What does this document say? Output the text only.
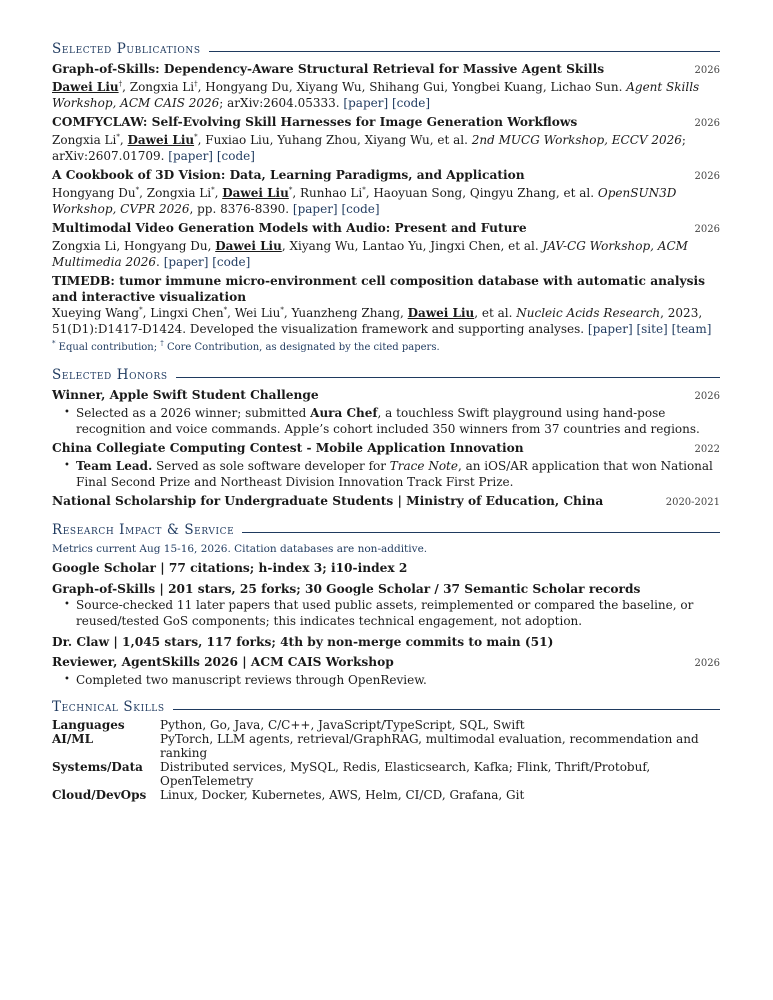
Selected Publications
Graph-of-Skills: Dependency-Aware Structural Retrieval for Massive Agent Skills	2026
Dawei Liu†, Zongxia Li†, Hongyang Du, Xiyang Wu, Shihang Gui, Yongbei Kuang, Lichao Sun. Agent Skills Workshop, ACM CAIS 2026; arXiv:2604.05333. [paper] [code]
COMFYCLAW: Self-Evolving Skill Harnesses for Image Generation Workflows	2026
Zongxia Li*, Dawei Liu*, Fuxiao Liu, Yuhang Zhou, Xiyang Wu, et al. 2nd MUCG Workshop, ECCV 2026; arXiv:2607.01709. [paper] [code]
A Cookbook of 3D Vision: Data, Learning Paradigms, and Application	2026
Hongyang Du*, Zongxia Li*, Dawei Liu*, Runhao Li*, Haoyuan Song, Qingyu Zhang, et al. OpenSUN3D Workshop, CVPR 2026, pp. 8376-8390. [paper] [code]
Multimodal Video Generation Models with Audio: Present and Future	2026
Zongxia Li, Hongyang Du, Dawei Liu, Xiyang Wu, Lantao Yu, Jingxi Chen, et al. JAV-CG Workshop, ACM Multimedia 2026. [paper] [code]
TIMEDB: tumor immune micro-environment cell composition database with automatic analysis and interactive visualization
Xueying Wang*, Lingxi Chen*, Wei Liu*, Yuanzheng Zhang, Dawei Liu, et al. Nucleic Acids Research, 2023, 51(D1):D1417-D1424. Developed the visualization framework and supporting analyses. [paper] [site] [team]
* Equal contribution; † Core Contribution, as designated by the cited papers.
Selected Honors
Winner, Apple Swift Student Challenge	2026
• Selected as a 2026 winner; submitted Aura Chef, a touchless Swift playground using hand-pose recognition and voice commands. Apple’s cohort included 350 winners from 37 countries and regions.
China Collegiate Computing Contest - Mobile Application Innovation	2022
• Team Lead. Served as sole software developer for Trace Note, an iOS/AR application that won National Final Second Prize and Northeast Division Innovation Track First Prize.
National Scholarship for Undergraduate Students | Ministry of Education, China	2020-2021
Research Impact & Service
Metrics current Aug 15-16, 2026. Citation databases are non-additive.
Google Scholar | 77 citations; h-index 3; i10-index 2
Graph-of-Skills | 201 stars, 25 forks; 30 Google Scholar / 37 Semantic Scholar records
• Source-checked 11 later papers that used public assets, reimplemented or compared the baseline, or reused/tested GoS components; this indicates technical engagement, not adoption.
Dr. Claw | 1,045 stars, 117 forks; 4th by non-merge commits to main (51)
Reviewer, AgentSkills 2026 | ACM CAIS Workshop	2026
• Completed two manuscript reviews through OpenReview.
Technical Skills
Languages	Python, Go, Java, C/C++, JavaScript/TypeScript, SQL, Swift
AI/ML	PyTorch, LLM agents, retrieval/GraphRAG, multimodal evaluation, recommendation and ranking
Systems/Data	Distributed services, MySQL, Redis, Elasticsearch, Kafka; Flink, Thrift/Protobuf, OpenTelemetry
Cloud/DevOps	Linux, Docker, Kubernetes, AWS, Helm, CI/CD, Grafana, Git
